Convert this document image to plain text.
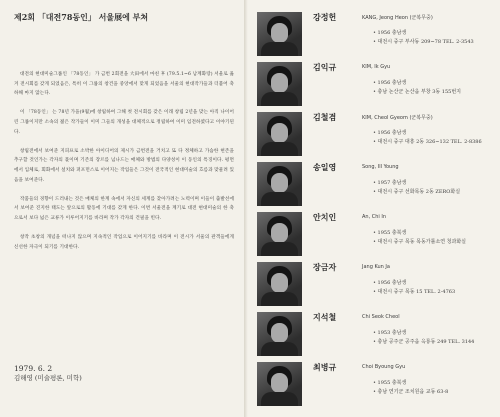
제2회 「대전78동인」 서울展에 부쳐

대전의 현대미술그룹인 「78동인」 가 금번 2회전을 大田에서 마친 후 (79.5.1~6 남계화랑) 서울로 옮겨 전시회를 갖게 되었음은, 특히 이 그룹의 창건을 중앙에서 맞게 되었음을 서울의 현대작가들과 더불어 축하해 마지 않는다.

이 「78동인」 는 78년 가을(9월)에 창립하여 그해 첫 전시회를 갖은 이래 창립 2년을 맞는 아직 나이어린 그룹이지만 소속의 젊은 작가들이 이미 그들의 개성을 대체적으로 정립하여 이미 임전하였다고 이야기된다.

창립전에서 보여준 지피프로 소박한 아이디어의 제시가 금번전을 거치고 또 다 정체하고 가슴한 현존을 추구할 것인가는 각자의 몫이며 기존의 장르를 넘나드는 매체와 방법의 다양성이 이 동인의 특징이다. 평면에서 입체로, 회화에서 설치와 퍼포먼스로 이어지는 작업들은 그것이 전국적인 현대미술의 흐름과 맞물려 있음을 보여준다.

작품들의 경향이 드러내는 것은 매체의 한계 속에서 자신의 세계를 찾아가려는 노력이며 이들이 출발선에서 보여준 진지한 태도는 앞으로의 활동에 기대를 갖게 한다. 이번 서울전을 계기로 대전 현대미술의 한 축으로서 보다 넓은 교류가 이루어지기를 바라며 작가 각자의 건필을 빈다.

창작 초창의 개념을 떠나지 않으며 지속적인 작업으로 이어지기를 바라며 이 전시가 서울의 관객들에게 신선한 자극이 되기를 기대한다.

1979. 6. 2
김해영 (미술평론, 미학)
강정헌	KANG, Jeong Heon (군복무중)
• 1956 충남생
• 대전시 중구 부사동 209~78 TEL. 2-3543
김익규	KIM, Ik Gyu
• 1956 충남생
• 충남 논산군 논산읍 부창 3동 155번지
김철겸	KIM, Cheol Gyeom (군복무중)
• 1956 충남생
• 대전시 중구 대흥 2동 326~132 TEL. 2-8386
송일영	Song, Ill Young
• 1957 충남생
• 대전시 중구 선화목동 2동 ZERO화실
안치인	An, Chi In
• 1955 충북생
• 대전시 중구 목동 목동가톨소연 청과화실
장금자	Jang Kun Ja
• 1956 충남생
• 대전시 중구 목동 15 TEL. 2-4763
지석철	Chi Seok Cheol
• 1953 충남생
• 충남 공주군 공주읍 옥룡동 249 TEL. 3144
최병규	Choi Byoung Gyu
• 1955 충북생
• 충남 연기군 조치원읍 교동 63-8
